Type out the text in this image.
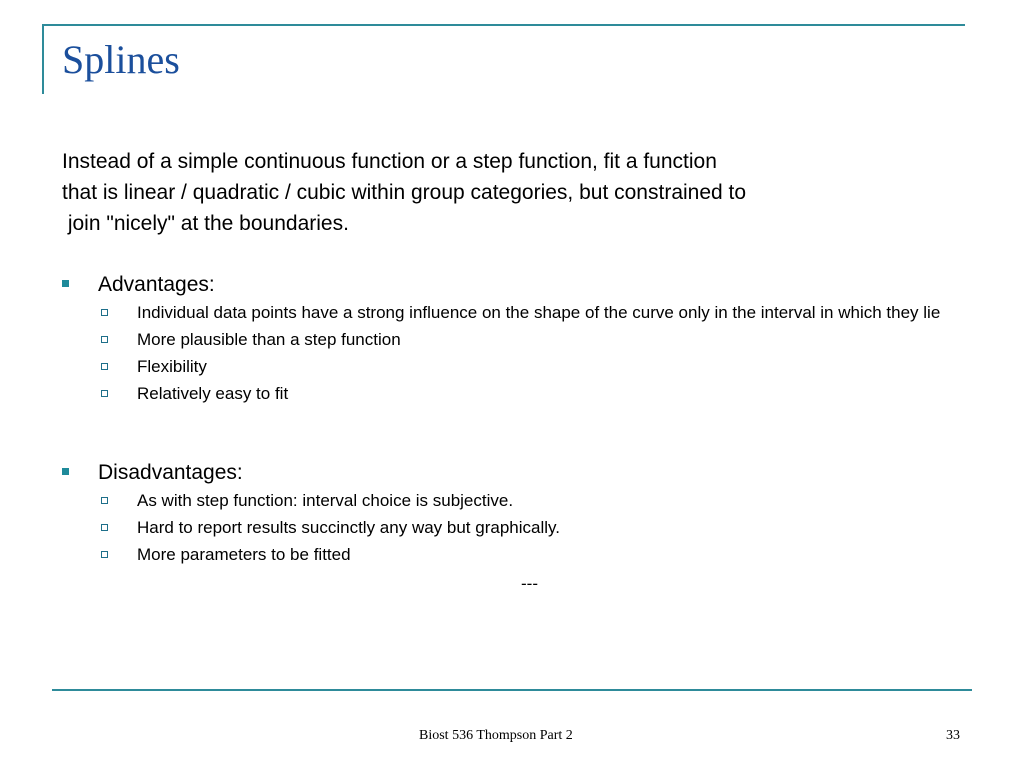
Splines
Instead of a simple continuous function or a step function, fit a function
that is linear / quadratic / cubic within group categories, but constrained to
join "nicely" at the boundaries.
Advantages:
Individual data points have a strong influence on the shape of the curve only in the interval in which they lie
More plausible than a step function
Flexibility
Relatively easy to fit
Disadvantages:
As with step function: interval choice is subjective.
Hard to report results succinctly any way but graphically.
More parameters to be fitted
---
Biost 536 Thompson Part 2	33
